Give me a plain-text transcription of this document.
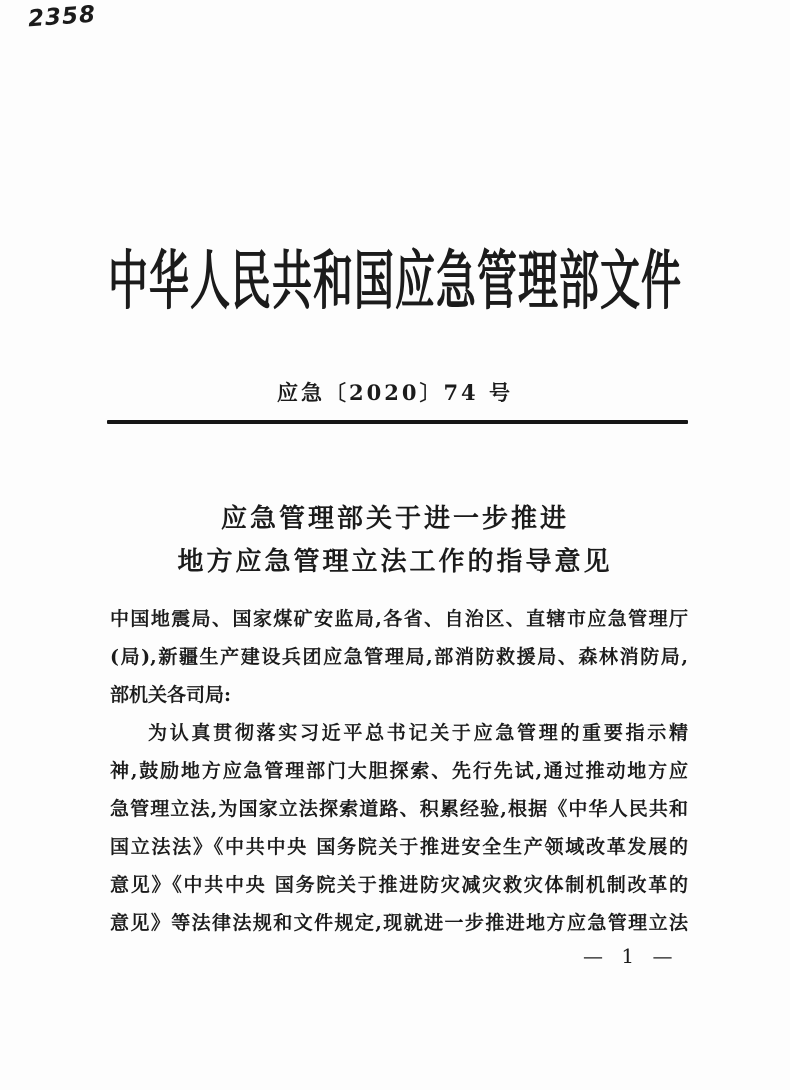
2358
中华人民共和国应急管理部文件
应急〔2020〕74 号
应急管理部关于进一步推进
地方应急管理立法工作的指导意见
中国地震局、国家煤矿安监局,各省、自治区、直辖市应急管理厅
(局),新疆生产建设兵团应急管理局,部消防救援局、森林消防局,
部机关各司局:
为认真贯彻落实习近平总书记关于应急管理的重要指示精
神,鼓励地方应急管理部门大胆探索、先行先试,通过推动地方应
急管理立法,为国家立法探索道路、积累经验,根据《中华人民共和
国立法法》《中共中央 国务院关于推进安全生产领域改革发展的
意见》《中共中央 国务院关于推进防灾减灾救灾体制机制改革的
意见》等法律法规和文件规定,现就进一步推进地方应急管理立法
— 1 —
